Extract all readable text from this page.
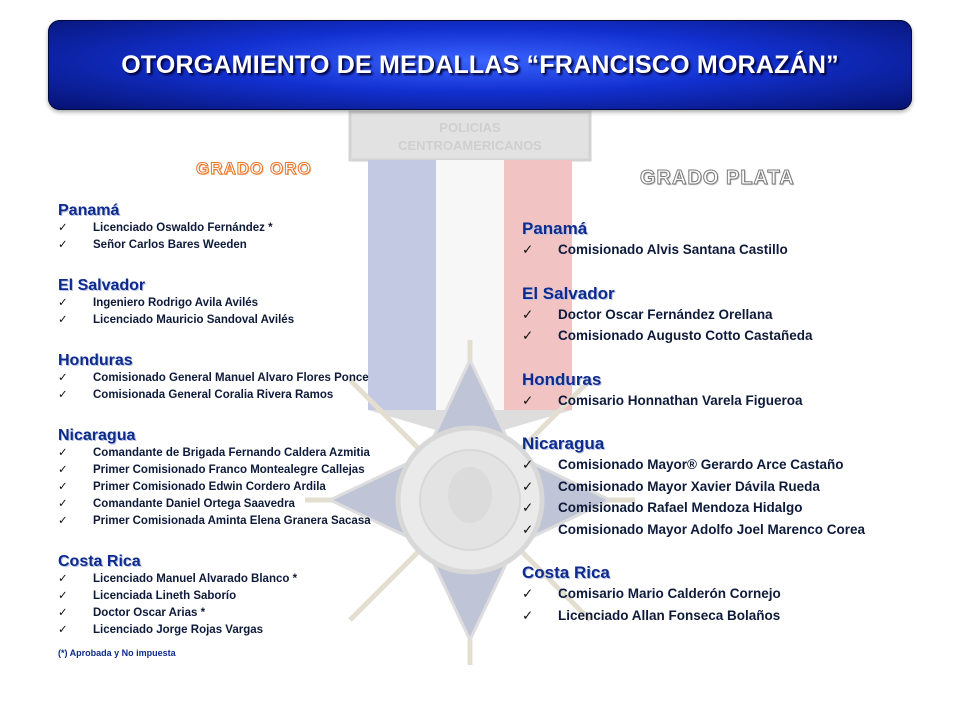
OTORGAMIENTO DE MEDALLAS “FRANCISCO MORAZÁN”
POLICIAS
CENTROAMERICANOS
GRADO ORO	GRADO PLATA
Panamá
✓ Licenciado Oswaldo Fernández *
✓ Señor Carlos Bares Weeden
El Salvador
✓ Ingeniero Rodrigo Avila Avilés
✓ Licenciado Mauricio Sandoval Avilés
Honduras
✓ Comisionado General Manuel Alvaro Flores Ponce
✓ Comisionada General Coralia Rivera Ramos
Nicaragua
✓ Comandante de Brigada Fernando Caldera Azmitia
✓ Primer Comisionado Franco Montealegre Callejas
✓ Primer Comisionado Edwin Cordero Ardila
✓ Comandante Daniel Ortega Saavedra
✓ Primer Comisionada Aminta Elena Granera Sacasa
Costa Rica
✓ Licenciado Manuel Alvarado Blanco *
✓ Licenciada Lineth Saborío
✓ Doctor Oscar Arias *
✓ Licenciado Jorge Rojas Vargas
(*) Aprobada y No impuesta
Panamá
✓ Comisionado Alvis Santana Castillo
El Salvador
✓ Doctor Oscar Fernández Orellana
✓ Comisionado Augusto Cotto Castañeda
Honduras
✓ Comisario Honnathan Varela Figueroa
Nicaragua
✓ Comisionado Mayor® Gerardo Arce Castaño
✓ Comisionado Mayor Xavier Dávila Rueda
✓ Comisionado Rafael Mendoza Hidalgo
✓ Comisionado Mayor Adolfo Joel Marenco Corea
Costa Rica
✓ Comisario Mario Calderón Cornejo
✓ Licenciado Allan Fonseca Bolaños
